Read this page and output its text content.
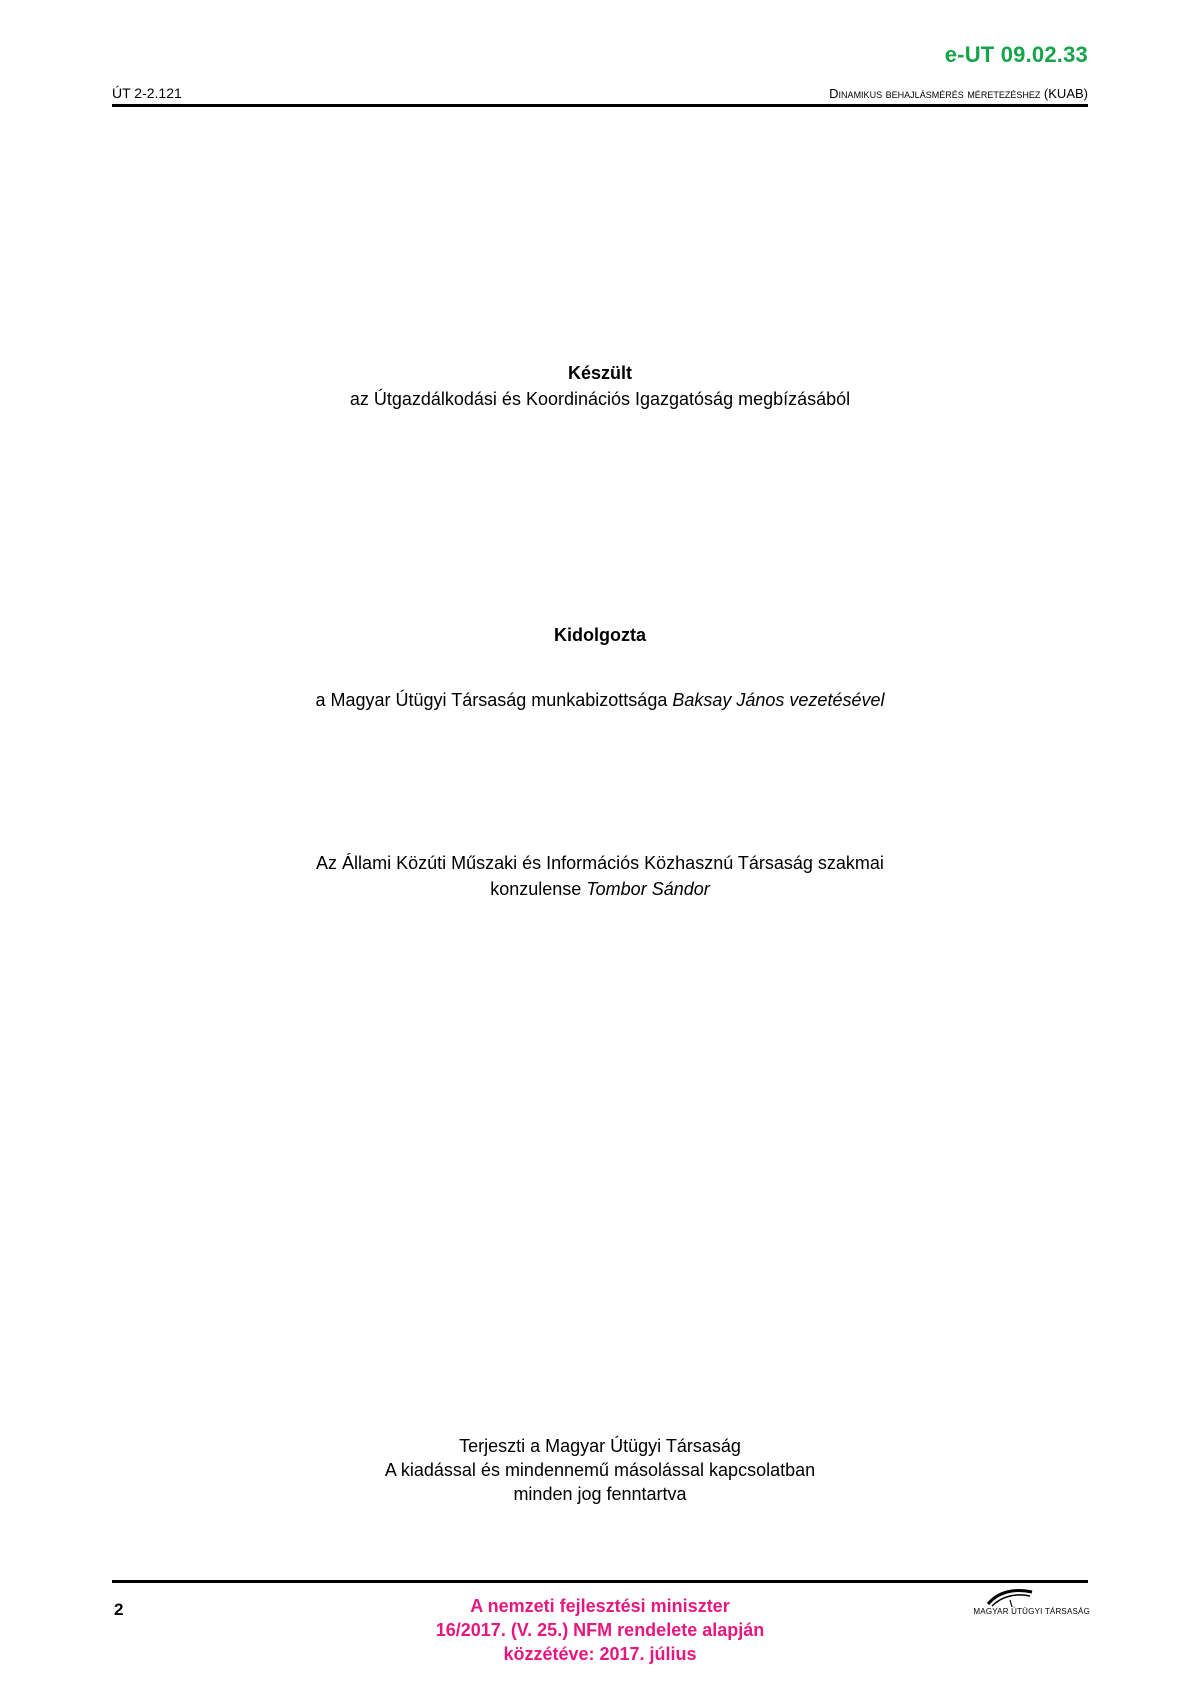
e-UT 09.02.33
ÚT 2-2.121	Dinamikus behajlásmérés méretezéshez (KUAB)
Készült
az Útgazdálkodási és Koordinációs Igazgatóság megbízásából
Kidolgozta
a Magyar Útügyi Társaság munkabizottsága Baksay János vezetésével
Az Állami Közúti Műszaki és Információs Közhasznú Társaság szakmai
konzulense Tombor Sándor
Terjeszti a Magyar Útügyi Társaság
A kiadással és mindennemű másolással kapcsolatban
minden jog fenntartva
2	A nemzeti fejlesztési miniszter
16/2017. (V. 25.) NFM rendelete alapján
közzétéve: 2017. július
MAGYAR ÚTÜGYI TÁRSASÁG
